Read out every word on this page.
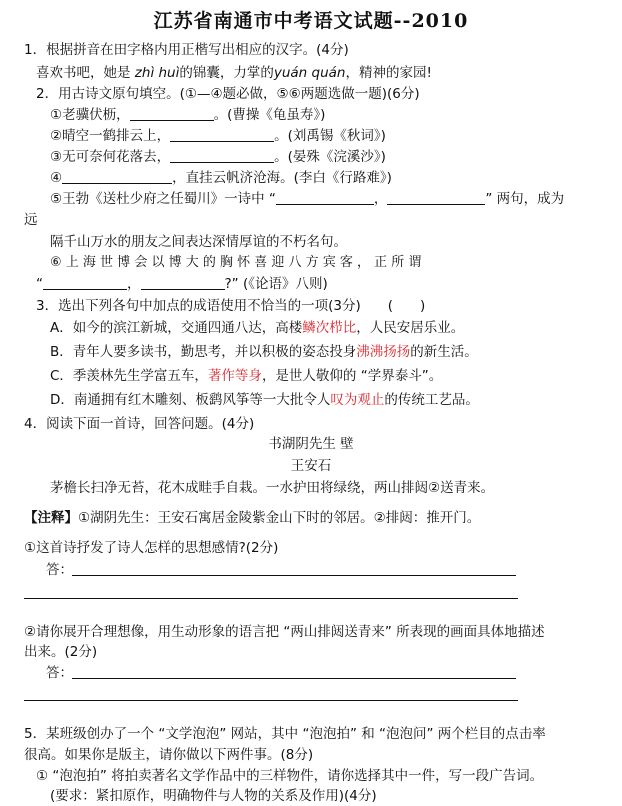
江苏省南通市中考语文试题--2010
1．根据拼音在田字格内用正楷写出相应的汉字。(4分)
喜欢书吧，她是 zhì huì的锦囊，力掌的yuán quán，精神的家园!
2．用古诗文原句填空。(①—④题必做，⑤⑥两题选做一题)(6分)
①老骥伏枥，	。(曹操《龟虽寿》)
②晴空一鹤排云上，	。(刘禹锡《秋词》)
③无可奈何花落去，	。(晏殊《浣溪沙》)
④	，直挂云帆济沧海。(李白《行路难》)
⑤王勃《送杜少府之任蜀川》一诗中 “	，	” 两句，成为
远
隔千山万水的朋友之间表达深情厚谊的不朽名句。
⑥ 上 海 世 博 会 以 博 大 的 胸 怀 喜 迎 八 方 宾 客 ， 正 所 谓
“	，	?” (《论语》八则)
3．选出下列各句中加点的成语使用不恰当的一项(3分)　　(　　)
A．如今的滨江新城，交通四通八达，高楼鳞次栉比，人民安居乐业。
B．青年人要多读书，勤思考，并以积极的姿态投身沸沸扬扬的新生活。
C．季羡林先生学富五车，著作等身，是世人敬仰的 “学界泰斗”。
D．南通拥有红木雕刻、板鹞风筝等一大批令人叹为观止的传统工艺品。
4．阅读下面一首诗，回答问题。(4分)
书湖阴先生 壁
王安石
茅檐长扫净无苔，花木成畦手自栽。一水护田将绿绕，两山排闼②送青来。
【注释】①湖阴先生：王安石寓居金陵紫金山下时的邻居。②排闼：推开门。
①这首诗抒发了诗人怎样的思想感情?(2分)
答：
②请你展开合理想像，用生动形象的语言把 “两山排闼送青来” 所表现的画面具体地描述
出来。(2分)
答：
5．某班级创办了一个 “文学泡泡” 网站，其中 “泡泡拍” 和 “泡泡问” 两个栏目的点击率
很高。如果你是版主，请你做以下两件事。(8分)
① “泡泡拍” 将拍卖著名文学作品中的三样物件，请你选择其中一件，写一段广告词。
(要求：紧扣原作，明确物件与人物的关系及作用)(4分)
